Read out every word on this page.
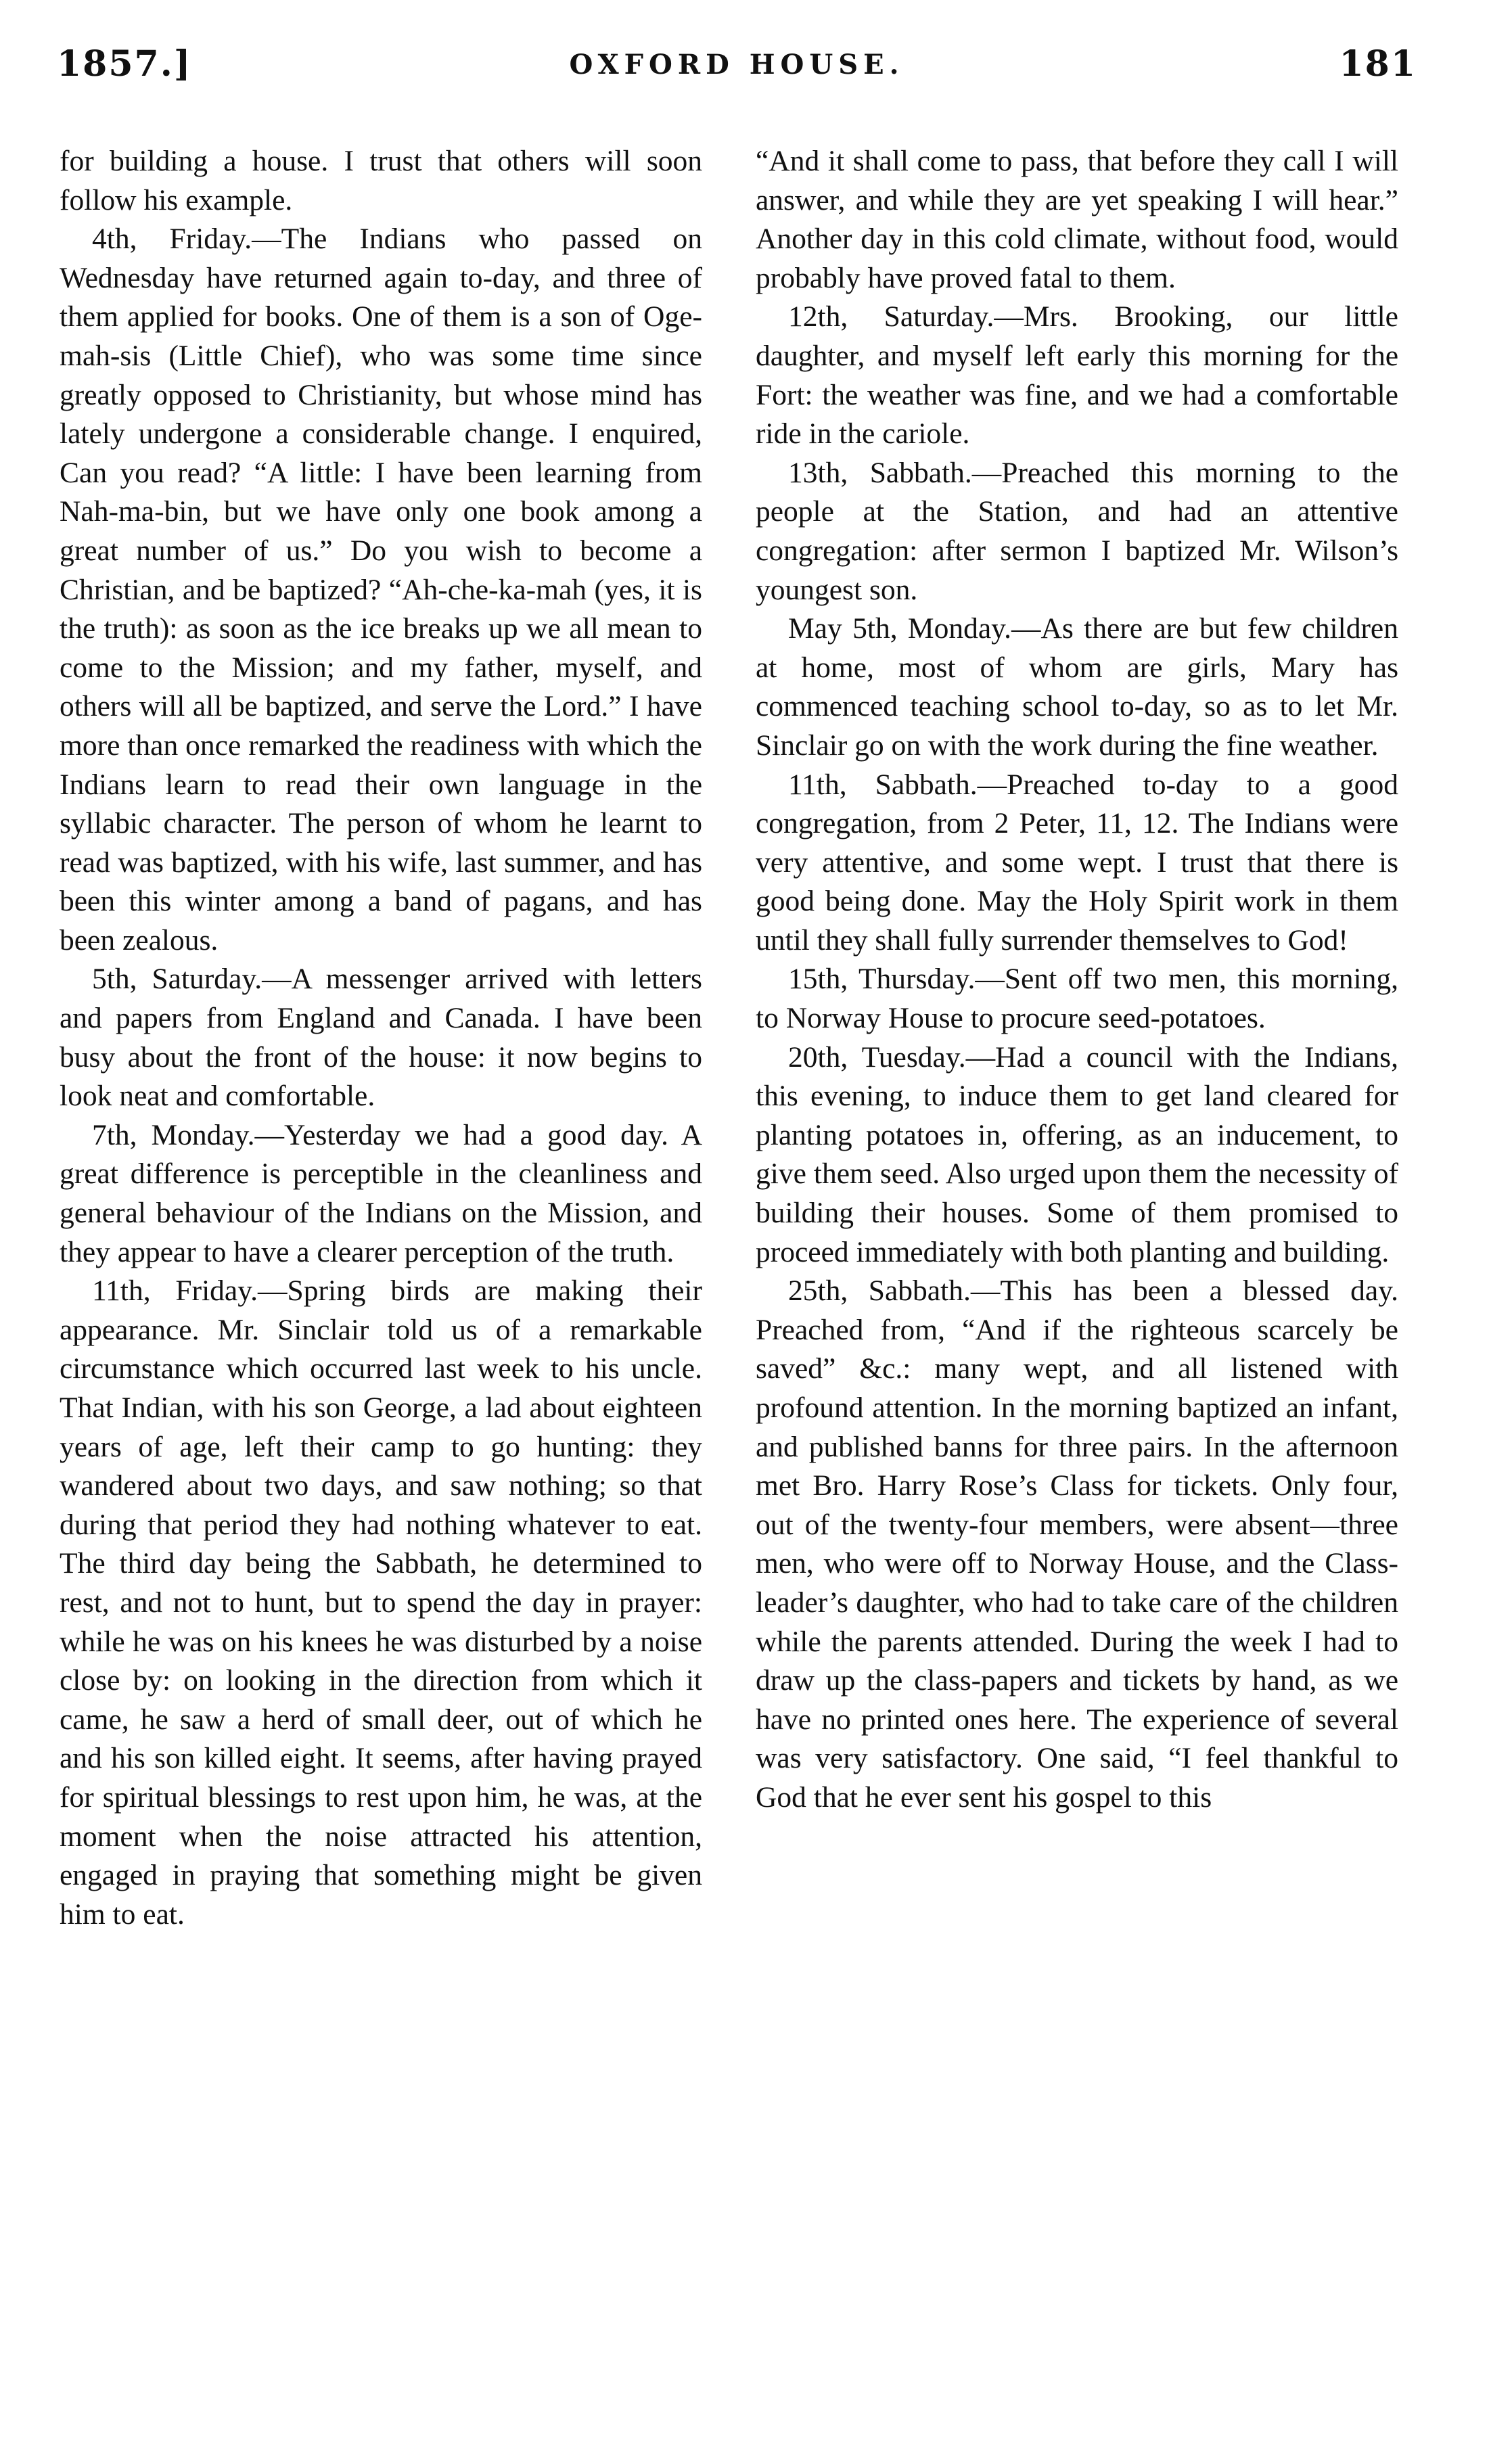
1857.]	OXFORD HOUSE.	181

for building a house. I trust that others will soon follow his example.

4th, Friday.—The Indians who passed on Wednesday have returned again to-day, and three of them applied for books. One of them is a son of Oge-mah-sis (Little Chief), who was some time since greatly opposed to Christianity, but whose mind has lately undergone a considerable change. I enquired, Can you read? “A little: I have been learning from Nah-ma-bin, but we have only one book among a great number of us.” Do you wish to become a Christian, and be baptized? “Ah-che-ka-mah (yes, it is the truth): as soon as the ice breaks up we all mean to come to the Mission; and my father, myself, and others will all be baptized, and serve the Lord.” I have more than once remarked the readiness with which the Indians learn to read their own language in the syllabic character. The person of whom he learnt to read was baptized, with his wife, last summer, and has been this winter among a band of pagans, and has been zealous.

5th, Saturday.—A messenger arrived with letters and papers from England and Canada. I have been busy about the front of the house: it now begins to look neat and comfortable.

7th, Monday.—Yesterday we had a good day. A great difference is perceptible in the cleanliness and general behaviour of the Indians on the Mission, and they appear to have a clearer perception of the truth.

11th, Friday.—Spring birds are making their appearance. Mr. Sinclair told us of a remarkable circumstance which occurred last week to his uncle. That Indian, with his son George, a lad about eighteen years of age, left their camp to go hunting: they wandered about two days, and saw nothing; so that during that period they had nothing whatever to eat. The third day being the Sabbath, he determined to rest, and not to hunt, but to spend the day in prayer: while he was on his knees he was disturbed by a noise close by: on looking in the direction from which it came, he saw a herd of small deer, out of which he and his son killed eight. It seems, after having prayed for spiritual blessings to rest upon him, he was, at the moment when the noise attracted his attention, engaged in praying that something might be given him to eat.

“And it shall come to pass, that before they call I will answer, and while they are yet speaking I will hear.” Another day in this cold climate, without food, would probably have proved fatal to them.

12th, Saturday.—Mrs. Brooking, our little daughter, and myself left early this morning for the Fort: the weather was fine, and we had a comfortable ride in the cariole.

13th, Sabbath.—Preached this morning to the people at the Station, and had an attentive congregation: after sermon I baptized Mr. Wilson’s youngest son.

May 5th, Monday.—As there are but few children at home, most of whom are girls, Mary has commenced teaching school to-day, so as to let Mr. Sinclair go on with the work during the fine weather.

11th, Sabbath.—Preached to-day to a good congregation, from 2 Peter, 11, 12. The Indians were very attentive, and some wept. I trust that there is good being done. May the Holy Spirit work in them until they shall fully surrender themselves to God!

15th, Thursday.—Sent off two men, this morning, to Norway House to procure seed-potatoes.

20th, Tuesday.—Had a council with the Indians, this evening, to induce them to get land cleared for planting potatoes in, offering, as an inducement, to give them seed. Also urged upon them the necessity of building their houses. Some of them promised to proceed immediately with both planting and building.

25th, Sabbath.—This has been a blessed day. Preached from, “And if the righteous scarcely be saved” &c.: many wept, and all listened with profound attention. In the morning baptized an infant, and published banns for three pairs. In the afternoon met Bro. Harry Rose’s Class for tickets. Only four, out of the twenty-four members, were absent—three men, who were off to Norway House, and the Class-leader’s daughter, who had to take care of the children while the parents attended. During the week I had to draw up the class-papers and tickets by hand, as we have no printed ones here. The experience of several was very satisfactory. One said, “I feel thankful to God that he ever sent his gospel to this
